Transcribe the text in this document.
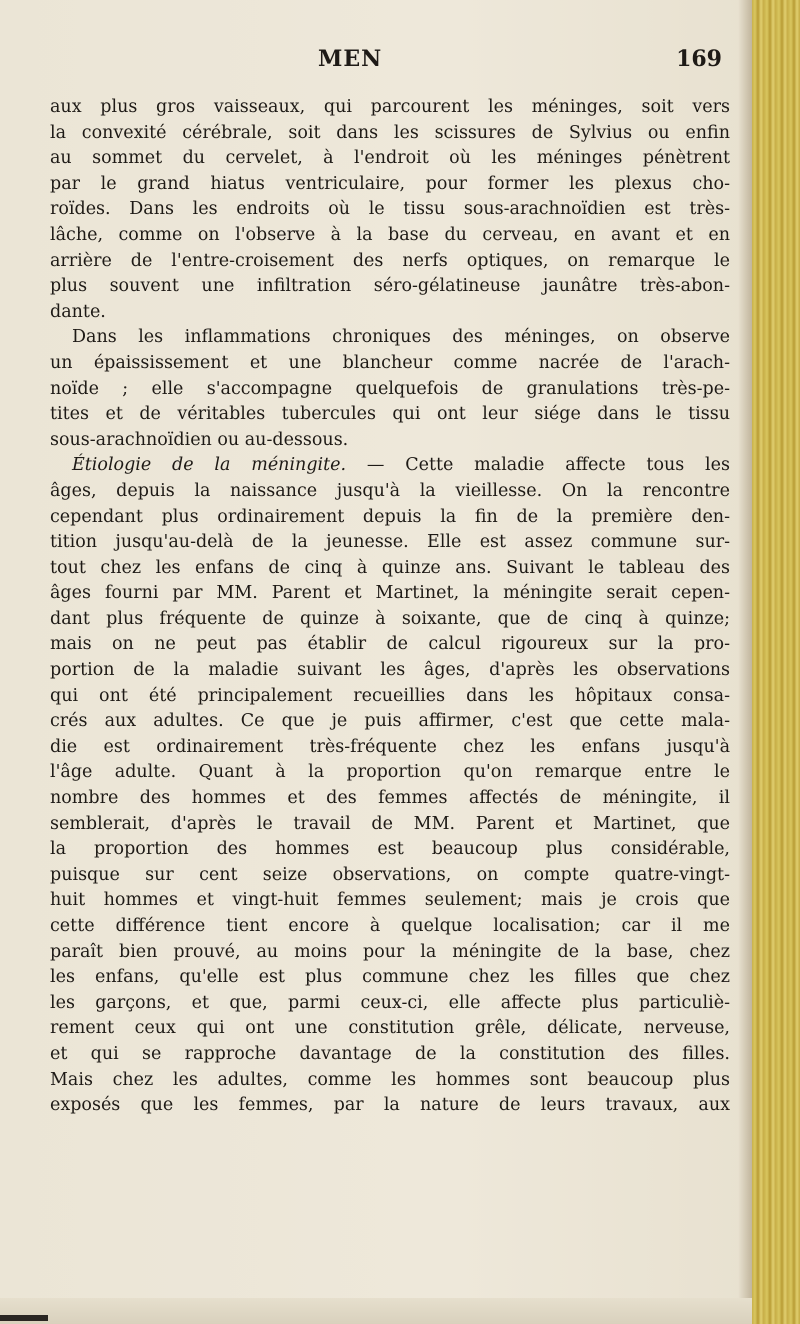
MEN	169
aux plus gros vaisseaux, qui parcourent les méninges, soit vers
la convexité cérébrale, soit dans les scissures de Sylvius ou enfin
au sommet du cervelet, à l'endroit où les méninges pénètrent
par le grand hiatus ventriculaire, pour former les plexus cho-
roïdes. Dans les endroits où le tissu sous-arachnoïdien est très-
lâche, comme on l'observe à la base du cerveau, en avant et en
arrière de l'entre-croisement des nerfs optiques, on remarque le
plus souvent une infiltration séro-gélatineuse jaunâtre très-abon-
dante.
Dans les inflammations chroniques des méninges, on observe
un épaississement et une blancheur comme nacrée de l'arach-
noïde ; elle s'accompagne quelquefois de granulations très-pe-
tites et de véritables tubercules qui ont leur siége dans le tissu
sous-arachnoïdien ou au-dessous.
Étiologie de la méningite. — Cette maladie affecte tous les
âges, depuis la naissance jusqu'à la vieillesse. On la rencontre
cependant plus ordinairement depuis la fin de la première den-
tition jusqu'au-delà de la jeunesse. Elle est assez commune sur-
tout chez les enfans de cinq à quinze ans. Suivant le tableau des
âges fourni par MM. Parent et Martinet, la méningite serait cepen-
dant plus fréquente de quinze à soixante, que de cinq à quinze;
mais on ne peut pas établir de calcul rigoureux sur la pro-
portion de la maladie suivant les âges, d'après les observations
qui ont été principalement recueillies dans les hôpitaux consa-
crés aux adultes. Ce que je puis affirmer, c'est que cette mala-
die est ordinairement très-fréquente chez les enfans jusqu'à
l'âge adulte. Quant à la proportion qu'on remarque entre le
nombre des hommes et des femmes affectés de méningite, il
semblerait, d'après le travail de MM. Parent et Martinet, que
la proportion des hommes est beaucoup plus considérable,
puisque sur cent seize observations, on compte quatre-vingt-
huit hommes et vingt-huit femmes seulement; mais je crois que
cette différence tient encore à quelque localisation; car il me
paraît bien prouvé, au moins pour la méningite de la base, chez
les enfans, qu'elle est plus commune chez les filles que chez
les garçons, et que, parmi ceux-ci, elle affecte plus particuliè-
rement ceux qui ont une constitution grêle, délicate, nerveuse,
et qui se rapproche davantage de la constitution des filles.
Mais chez les adultes, comme les hommes sont beaucoup plus
exposés que les femmes, par la nature de leurs travaux, aux
